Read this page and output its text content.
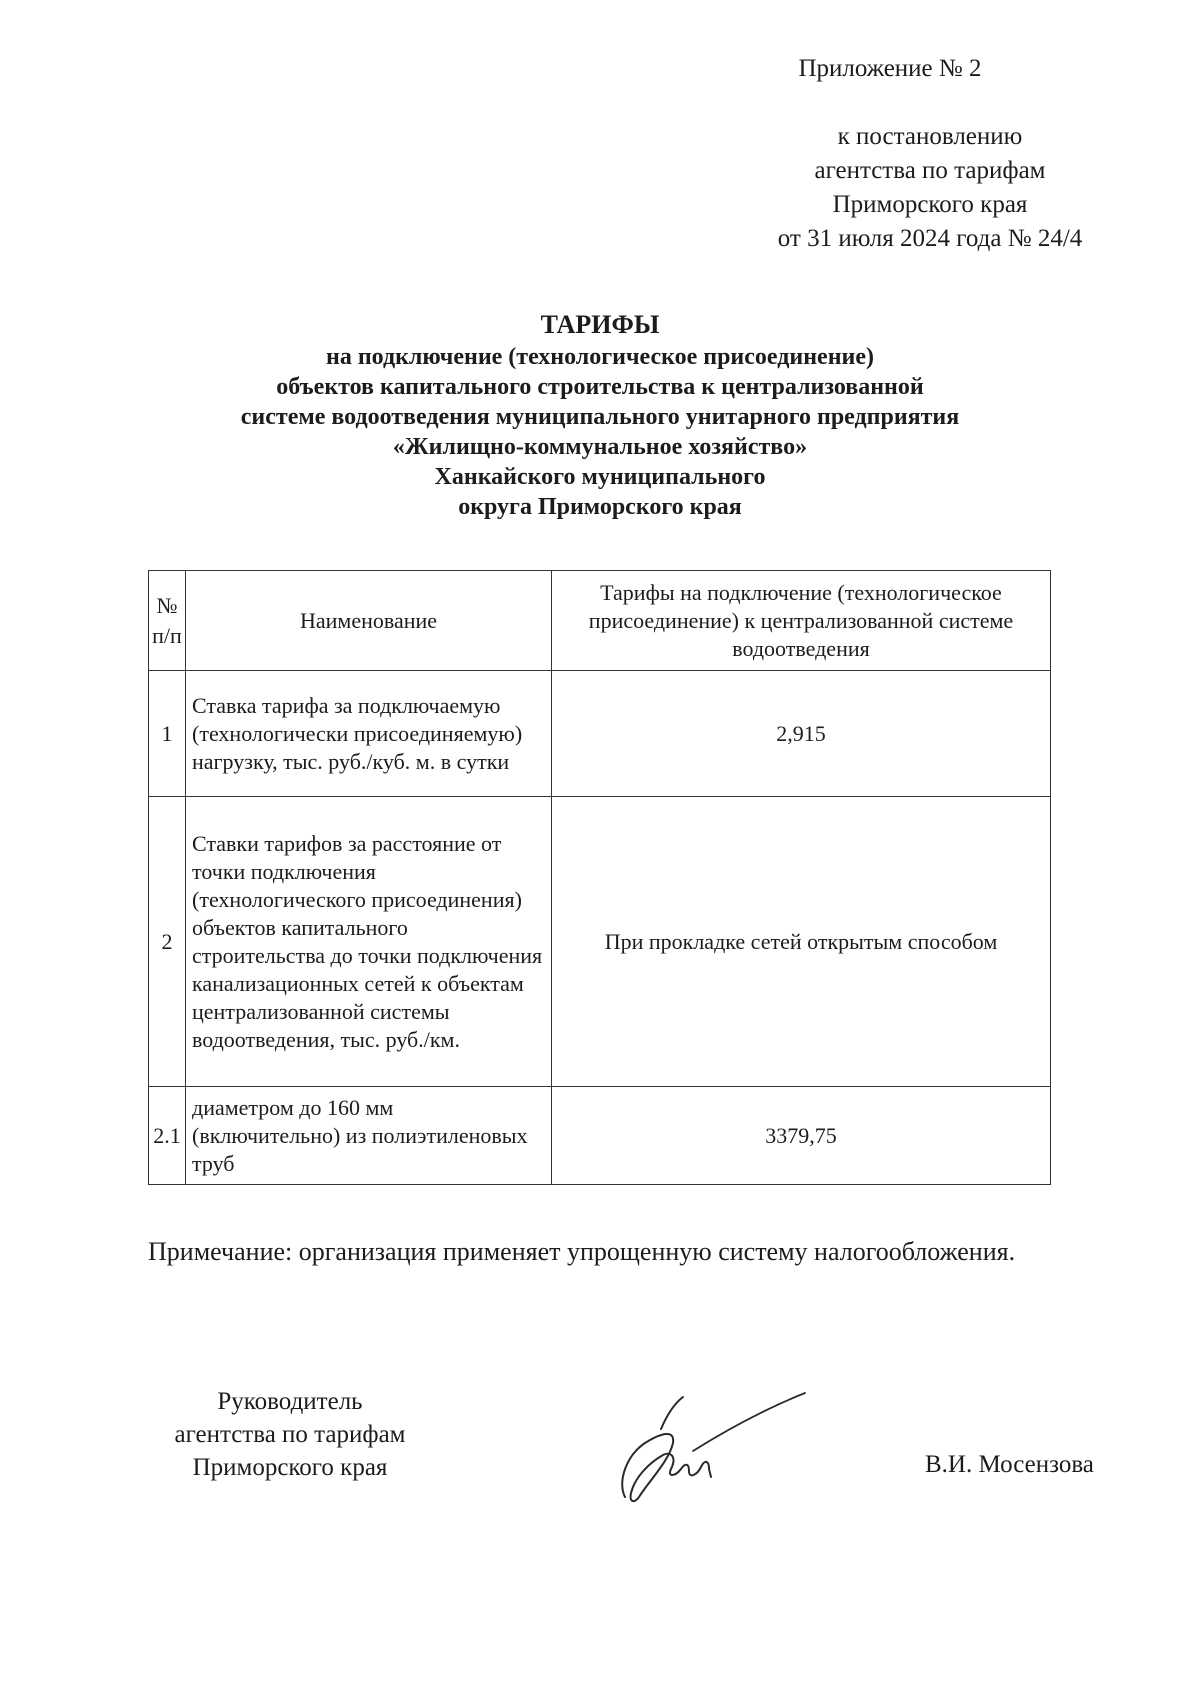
Приложение № 2
к постановлению
агентства по тарифам
Приморского края
от 31 июля 2024 года № 24/4
ТАРИФЫ
на подключение (технологическое присоединение)
объектов капитального строительства к централизованной
системе водоотведения муниципального унитарного предприятия
«Жилищно-коммунальное хозяйство»
Ханкайского муниципального
округа Приморского края
№ п/п	Наименование	Тарифы на подключение (технологическое присоединение) к централизованной системе водоотведения
1	Ставка тарифа за подключаемую (технологически присоединяемую) нагрузку, тыс. руб./куб. м. в сутки	2,915
2	Ставки тарифов за расстояние от точки подключения (технологического присоединения) объектов капитального строительства до точки подключения канализационных сетей к объектам централизованной системы водоотведения, тыс. руб./км.	При прокладке сетей открытым способом
2.1	диаметром до 160 мм (включительно) из полиэтиленовых труб	3379,75
Примечание: организация применяет упрощенную систему налогообложения.
Руководитель
агентства по тарифам
Приморского края	В.И. Мосензова
